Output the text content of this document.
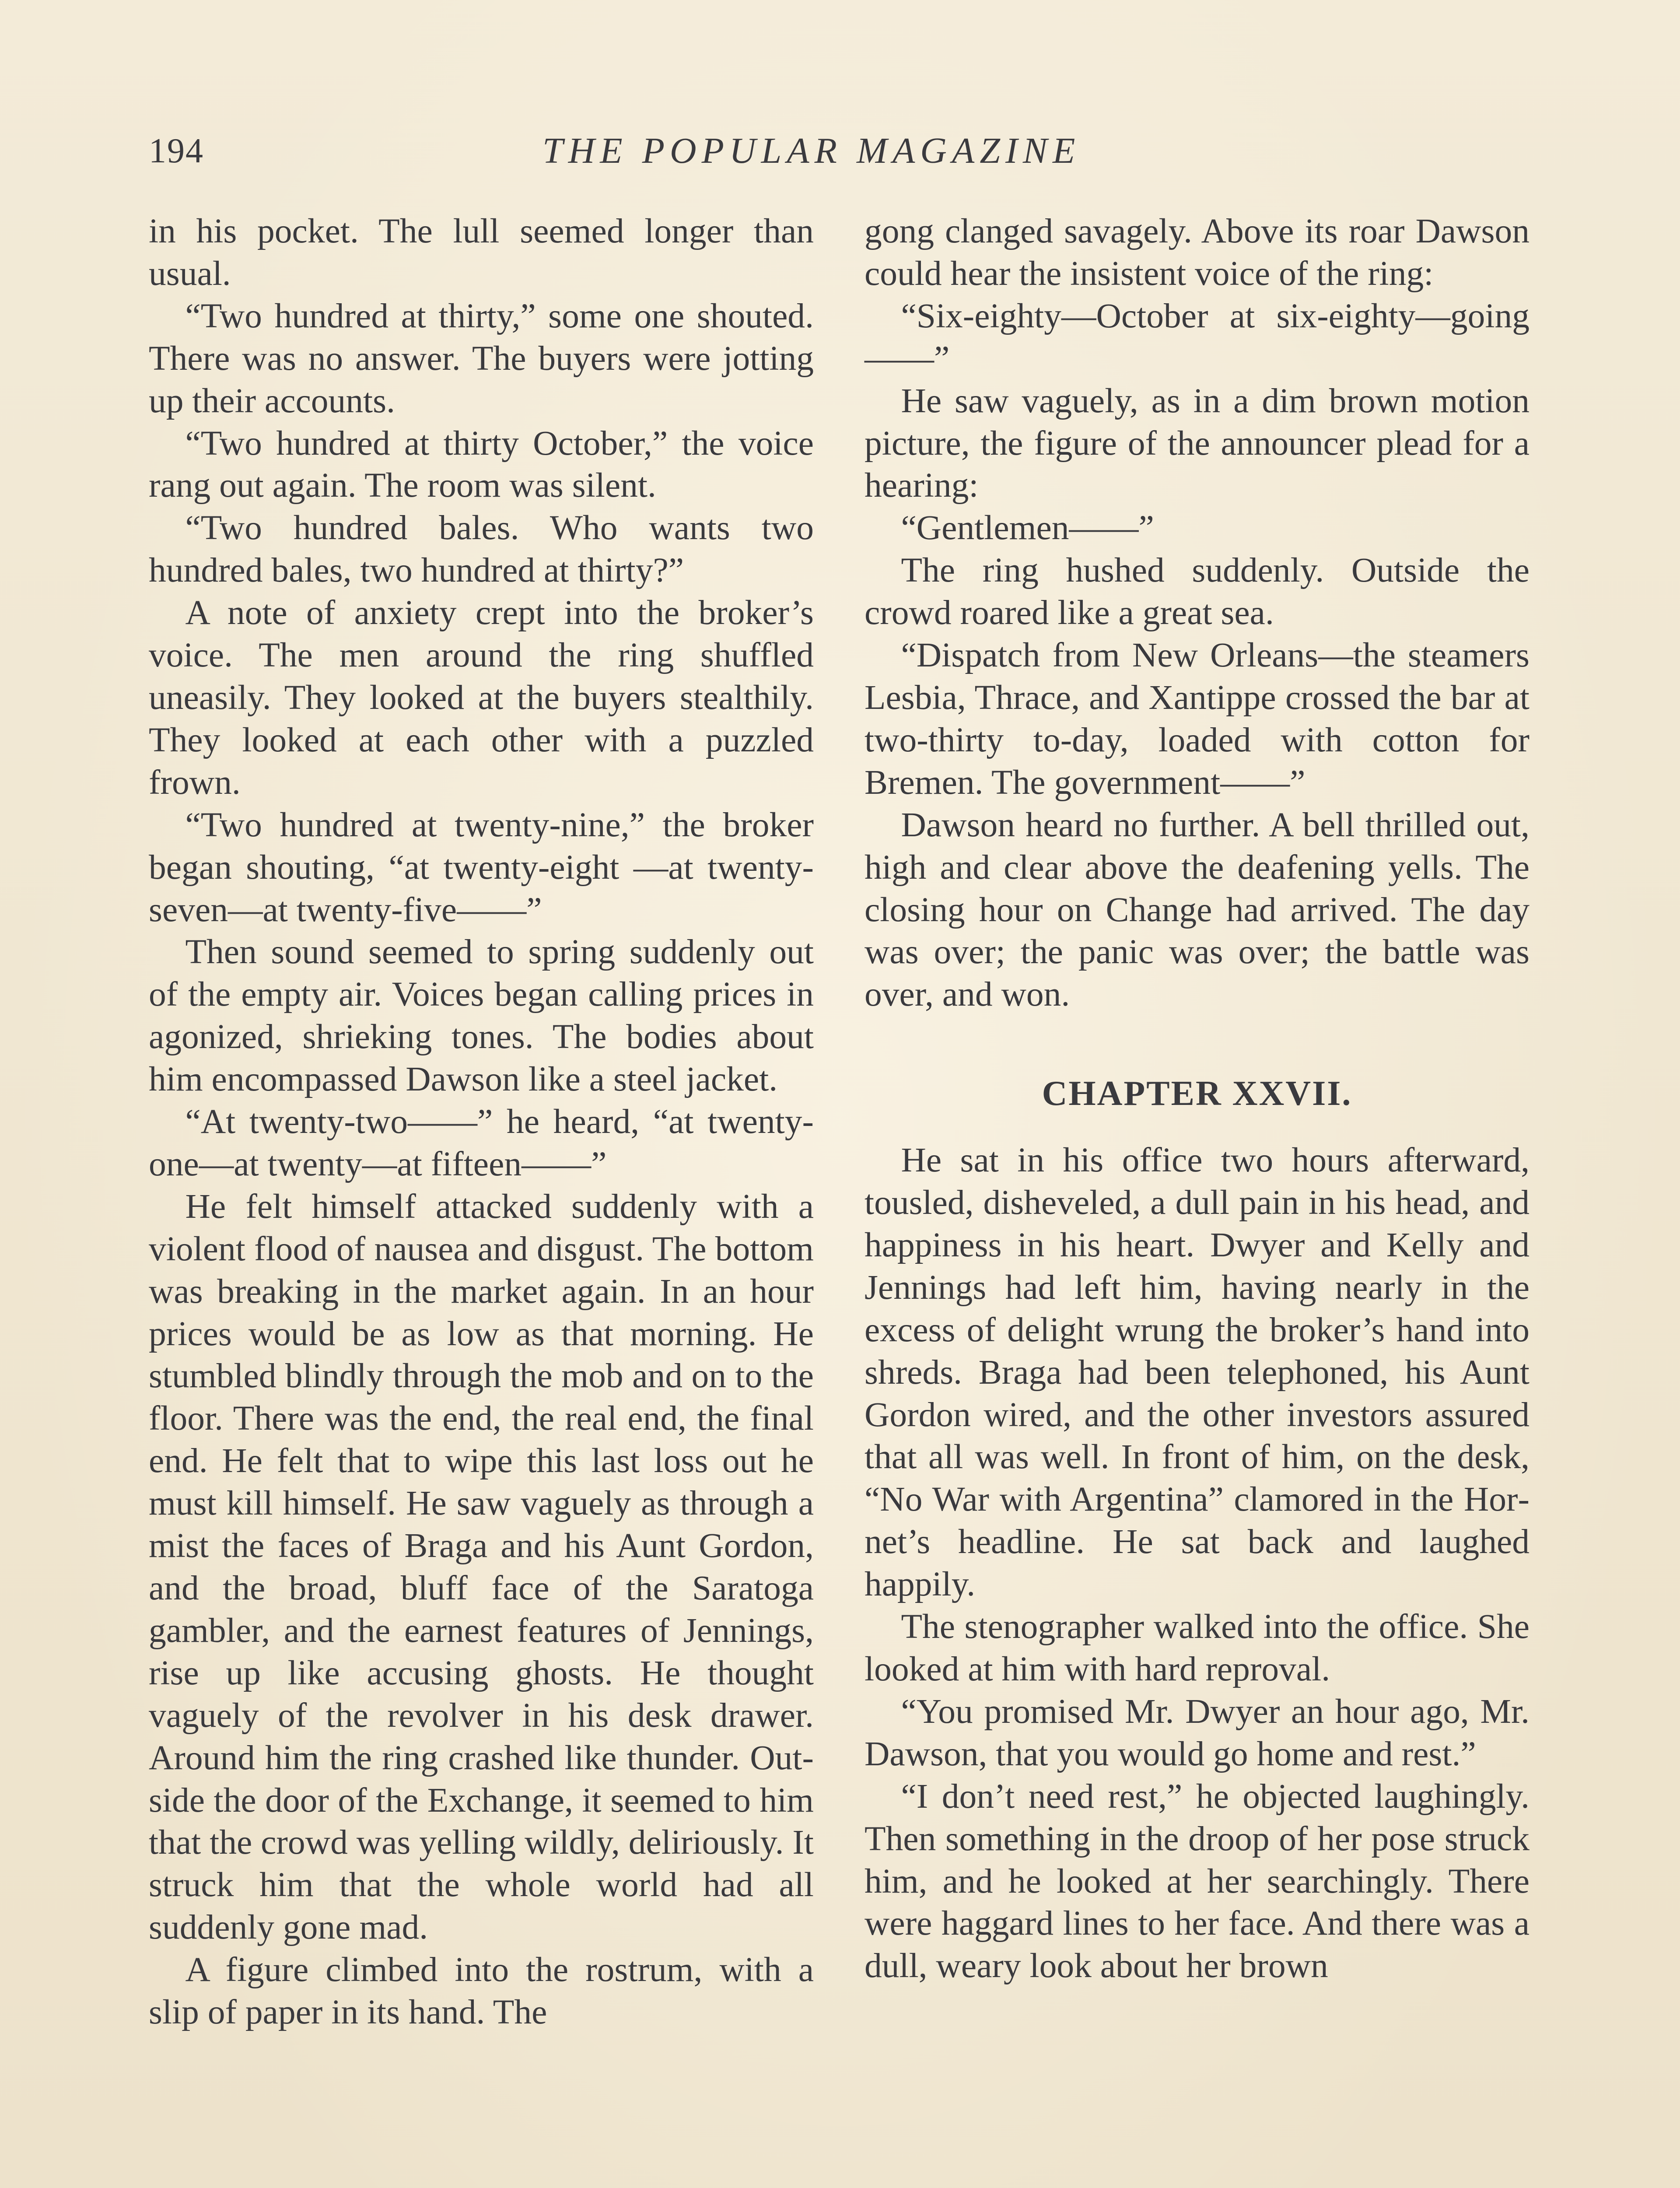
194	THE POPULAR MAGAZINE

in his pocket. The lull seemed longer than usual.

“Two hundred at thirty,” some one shouted. There was no answer. The buyers were jotting up their accounts.

“Two hundred at thirty October,” the voice rang out again. The room was silent.

“Two hundred bales. Who wants two hundred bales, two hundred at thirty?”

A note of anxiety crept into the broker’s voice. The men around the ring shuffled uneasily. They looked at the buyers stealthily. They looked at each other with a puzzled frown.

“Two hundred at twenty-nine,” the broker began shouting, “at twenty-eight —at twenty-seven—at twenty-five——”

Then sound seemed to spring suddenly out of the empty air. Voices began calling prices in agonized, shrieking tones. The bodies about him encompassed Dawson like a steel jacket.

“At twenty-two——” he heard, “at twenty-one—at twenty—at fifteen——”

He felt himself attacked suddenly with a violent flood of nausea and disgust. The bottom was breaking in the market again. In an hour prices would be as low as that morning. He stumbled blindly through the mob and on to the floor. There was the end, the real end, the final end. He felt that to wipe this last loss out he must kill himself. He saw vaguely as through a mist the faces of Braga and his Aunt Gordon, and the broad, bluff face of the Saratoga gambler, and the earnest features of Jennings, rise up like accusing ghosts. He thought vaguely of the revolver in his desk drawer. Around him the ring crashed like thunder. Outside the door of the Exchange, it seemed to him that the crowd was yelling wildly, deliriously. It struck him that the whole world had all suddenly gone mad.

A figure climbed into the rostrum, with a slip of paper in its hand. The

gong clanged savagely. Above its roar Dawson could hear the insistent voice of the ring:

“Six-eighty—October at six-eighty—going——”

He saw vaguely, as in a dim brown motion picture, the figure of the announcer plead for a hearing:

“Gentlemen——”

The ring hushed suddenly. Outside the crowd roared like a great sea.

“Dispatch from New Orleans—the steamers Lesbia, Thrace, and Xantippe crossed the bar at two-thirty to-day, loaded with cotton for Bremen. The government——”

Dawson heard no further. A bell thrilled out, high and clear above the deafening yells. The closing hour on Change had arrived. The day was over; the panic was over; the battle was over, and won.

CHAPTER XXVII.

He sat in his office two hours afterward, tousled, disheveled, a dull pain in his head, and happiness in his heart. Dwyer and Kelly and Jennings had left him, having nearly in the excess of delight wrung the broker’s hand into shreds. Braga had been telephoned, his Aunt Gordon wired, and the other investors assured that all was well. In front of him, on the desk, “No War with Argentina” clamored in the Hornet’s headline. He sat back and laughed happily.

The stenographer walked into the office. She looked at him with hard reproval.

“You promised Mr. Dwyer an hour ago, Mr. Dawson, that you would go home and rest.”

“I don’t need rest,” he objected laughingly. Then something in the droop of her pose struck him, and he looked at her searchingly. There were haggard lines to her face. And there was a dull, weary look about her brown
